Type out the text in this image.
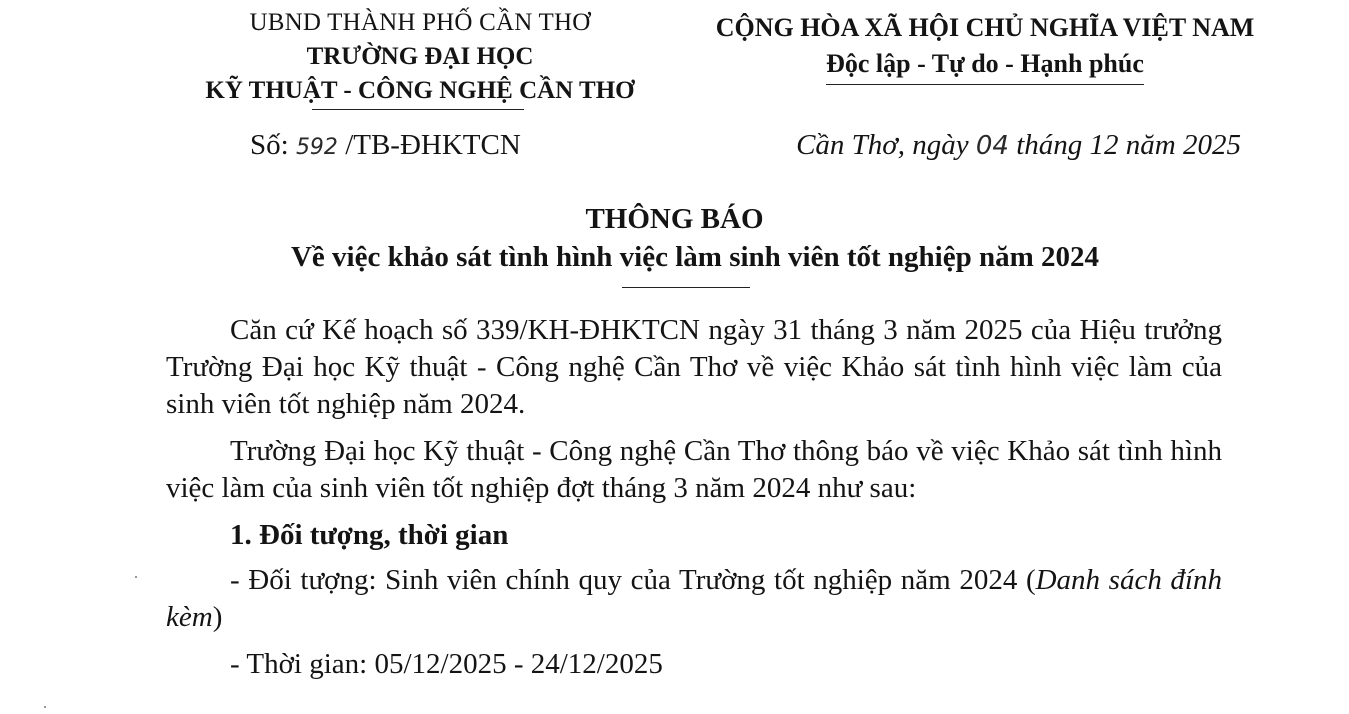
UBND THÀNH PHỐ CẦN THƠ
TRƯỜNG ĐẠI HỌC
KỸ THUẬT - CÔNG NGHỆ CẦN THƠ
CỘNG HÒA XÃ HỘI CHỦ NGHĨA VIỆT NAM
Độc lập - Tự do - Hạnh phúc
Số: 592 /TB-ĐHKTCN	Cần Thơ, ngày 04 tháng 12 năm 2025
THÔNG BÁO
Về việc khảo sát tình hình việc làm sinh viên tốt nghiệp năm 2024

Căn cứ Kế hoạch số 339/KH-ĐHKTCN ngày 31 tháng 3 năm 2025 của Hiệu trưởng Trường Đại học Kỹ thuật - Công nghệ Cần Thơ về việc Khảo sát tình hình việc làm của sinh viên tốt nghiệp năm 2024.

Trường Đại học Kỹ thuật - Công nghệ Cần Thơ thông báo về việc Khảo sát tình hình việc làm của sinh viên tốt nghiệp đợt tháng 3 năm 2024 như sau:

1. Đối tượng, thời gian

- Đối tượng: Sinh viên chính quy của Trường tốt nghiệp năm 2024 (Danh sách đính kèm)

- Thời gian: 05/12/2025 - 24/12/2025
